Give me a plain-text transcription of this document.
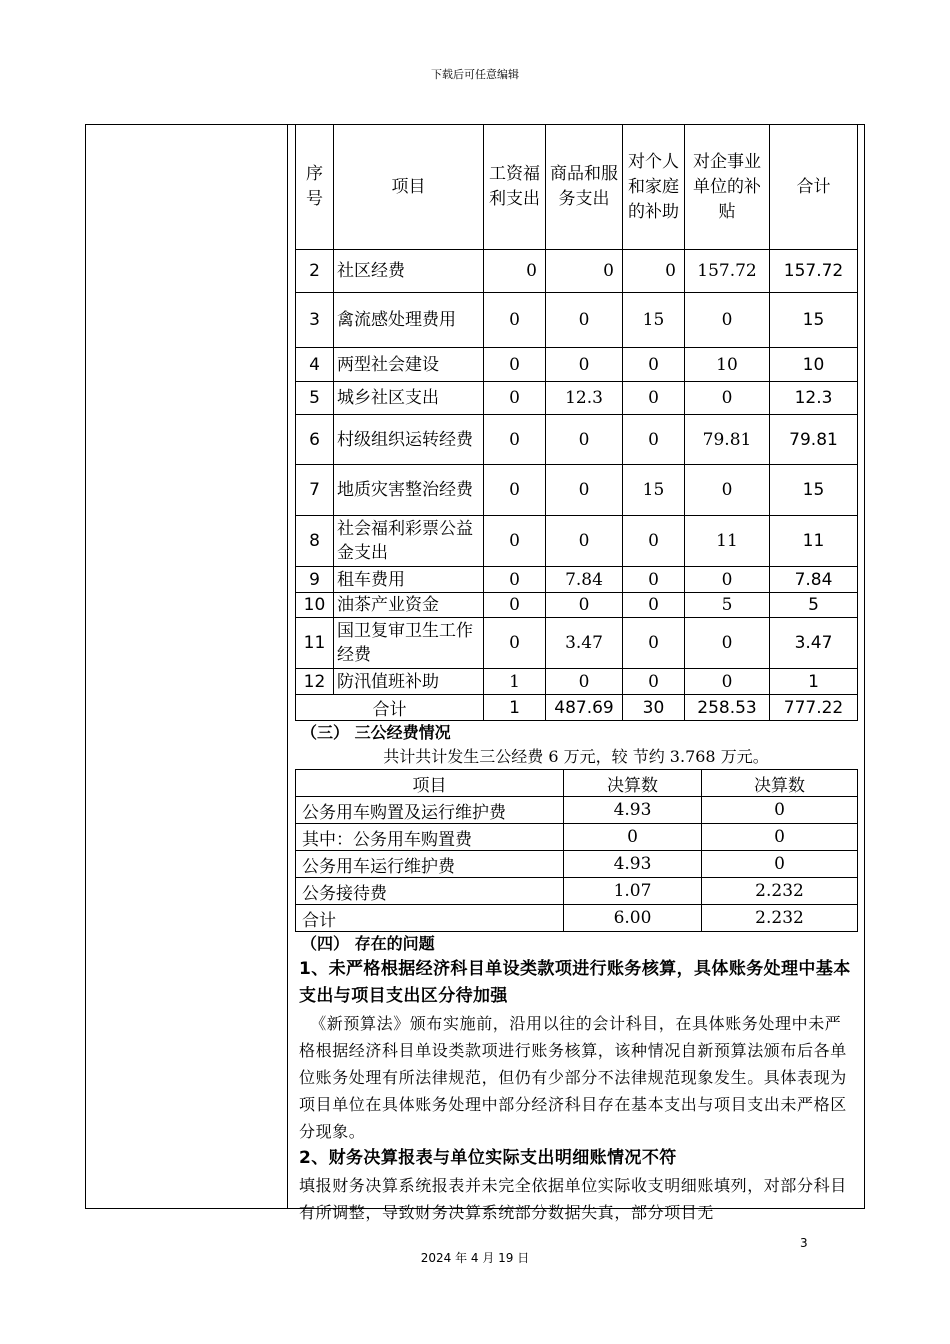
下载后可任意编辑
序号	项目	工资福利支出	商品和服务支出	对个人和家庭的补助	对企事业单位的补贴	合计
2	社区经费	0	0	0	157.72	157.72
3	禽流感处理费用	0	0	15	0	15
4	两型社会建设	0	0	0	10	10
5	城乡社区支出	0	12.3	0	0	12.3
6	村级组织运转经费	0	0	0	79.81	79.81
7	地质灾害整治经费	0	0	15	0	15
8	社会福利彩票公益金支出	0	0	0	11	11
9	租车费用	0	7.84	0	0	7.84
10	油茶产业资金	0	0	0	5	5
11	国卫复审卫生工作经费	0	3.47	0	0	3.47
12	防汛值班补助	1	0	0	0	1
合计		1	487.69	30	258.53	777.22
（三） 三公经费情况
共计共计发生三公经费 6 万元，较 节约 3.768 万元。
项目	决算数	决算数
公务用车购置及运行维护费	4.93	0
其中：公务用车购置费	0	0
公务用车运行维护费	4.93	0
公务接待费	1.07	2.232
合计	6.00	2.232
（四） 存在的问题

1、未严格根据经济科目单设类款项进行账务核算，具体账务处理中基本支出与项目支出区分待加强

《新预算法》颁布实施前，沿用以往的会计科目，在具体账务处理中未严格根据经济科目单设类款项进行账务核算，该种情况自新预算法颁布后各单位账务处理有所法律规范，但仍有少部分不法律规范现象发生。具体表现为项目单位在具体账务处理中部分经济科目存在基本支出与项目支出未严格区分现象。

2、财务决算报表与单位实际支出明细账情况不符

填报财务决算系统报表并未完全依据单位实际收支明细账填列，对部分科目有所调整，导致财务决算系统部分数据失真，部分项目无

3
2024 年 4 月 19 日
